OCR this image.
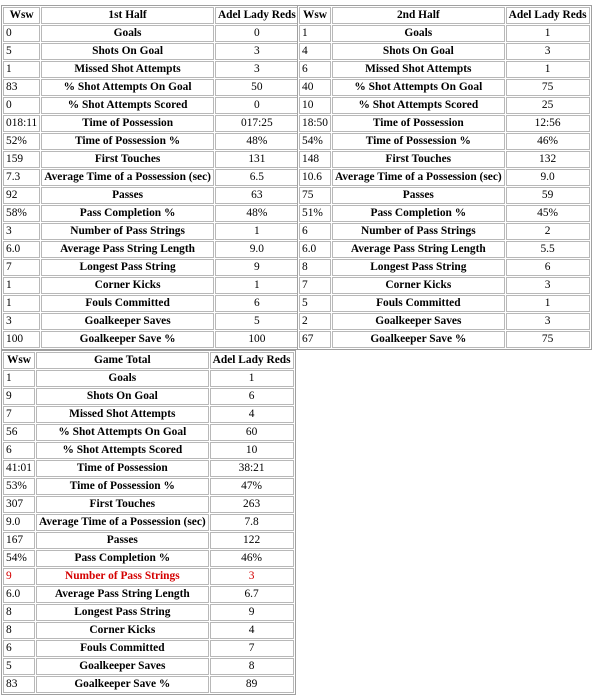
Wsw	1st Half	Adel Lady Reds
0	Goals	0
5	Shots On Goal	3
1	Missed Shot Attempts	3
83	% Shot Attempts On Goal	50
0	% Shot Attempts Scored	0
018:11	Time of Possession	017:25
52%	Time of Possession %	48%
159	First Touches	131
7.3	Average Time of a Possession (sec)	6.5
92	Passes	63
58%	Pass Completion %	48%
3	Number of Pass Strings	1
6.0	Average Pass String Length	9.0
7	Longest Pass String	9
1	Corner Kicks	1
1	Fouls Committed	6
3	Goalkeeper Saves	5
100	Goalkeeper Save %	100
Wsw	2nd Half	Adel Lady Reds
1	Goals	1
4	Shots On Goal	3
6	Missed Shot Attempts	1
40	% Shot Attempts On Goal	75
10	% Shot Attempts Scored	25
18:50	Time of Possession	12:56
54%	Time of Possession %	46%
148	First Touches	132
10.6	Average Time of a Possession (sec)	9.0
75	Passes	59
51%	Pass Completion %	45%
6	Number of Pass Strings	2
6.0	Average Pass String Length	5.5
8	Longest Pass String	6
7	Corner Kicks	3
5	Fouls Committed	1
2	Goalkeeper Saves	3
67	Goalkeeper Save %	75
Wsw	Game Total	Adel Lady Reds
1	Goals	1
9	Shots On Goal	6
7	Missed Shot Attempts	4
56	% Shot Attempts On Goal	60
6	% Shot Attempts Scored	10
41:01	Time of Possession	38:21
53%	Time of Possession %	47%
307	First Touches	263
9.0	Average Time of a Possession (sec)	7.8
167	Passes	122
54%	Pass Completion %	46%
9	Number of Pass Strings	3
6.0	Average Pass String Length	6.7
8	Longest Pass String	9
8	Corner Kicks	4
6	Fouls Committed	7
5	Goalkeeper Saves	8
83	Goalkeeper Save %	89
